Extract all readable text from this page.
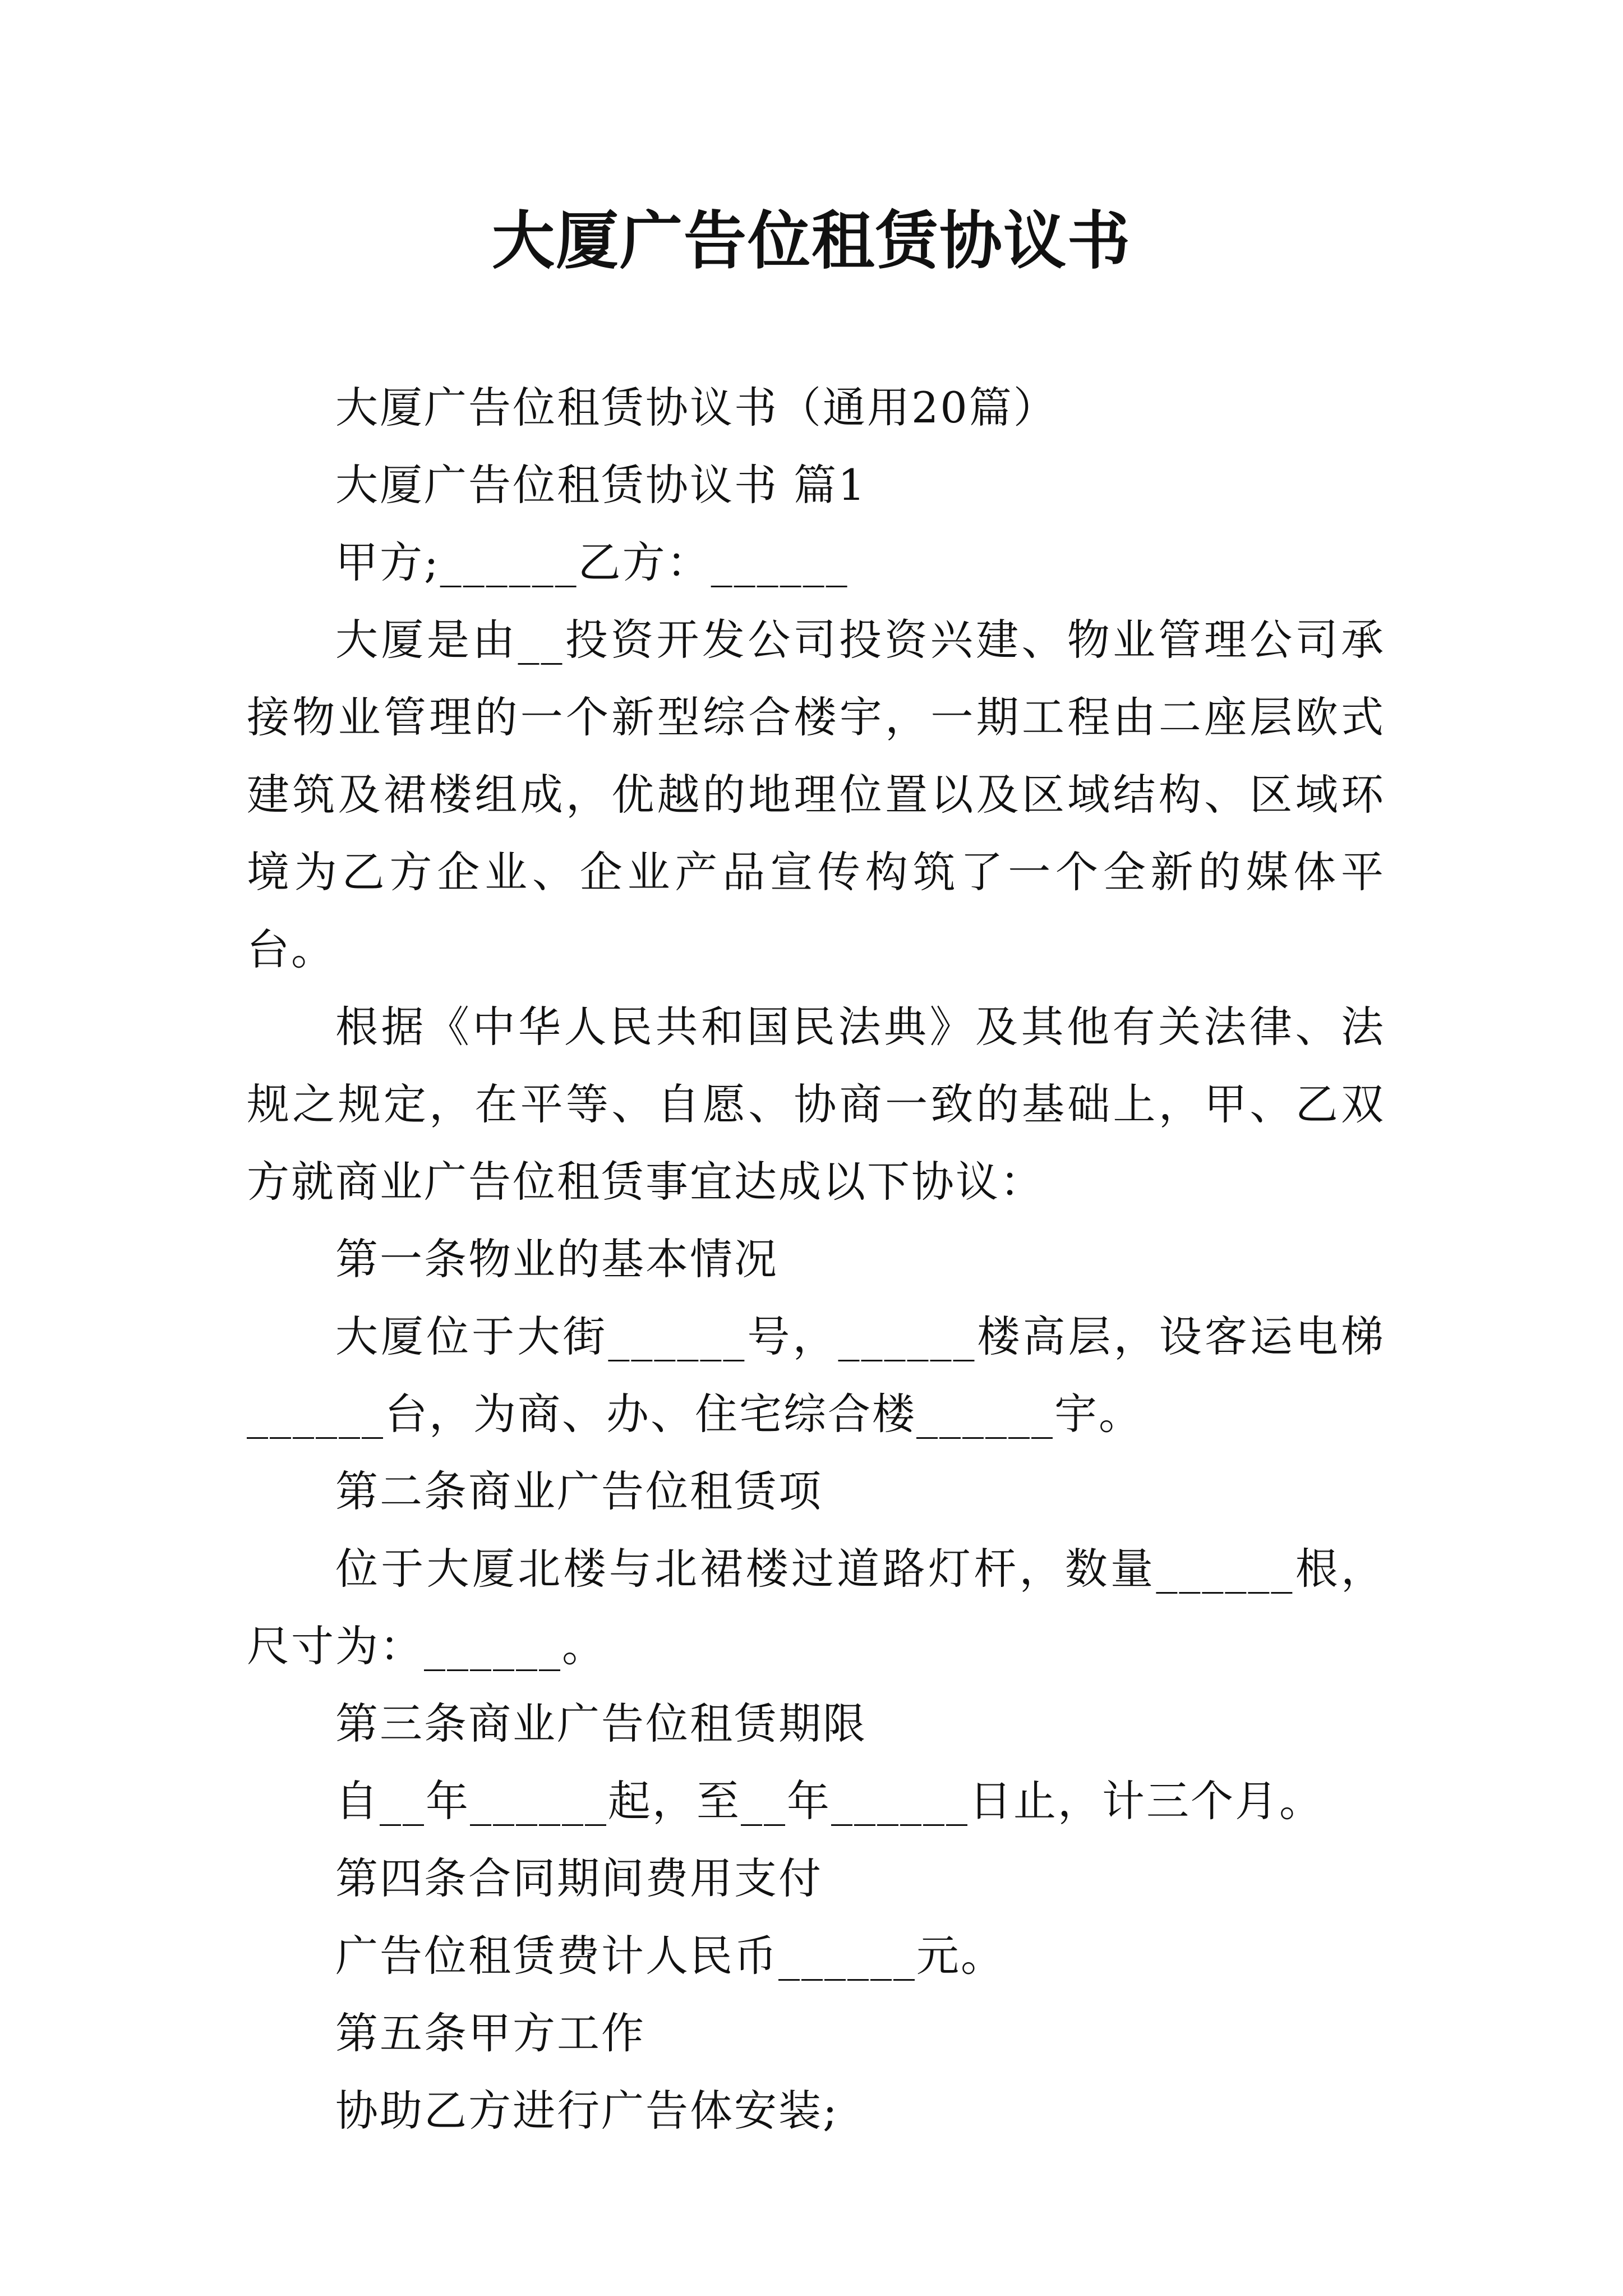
大厦广告位租赁协议书

大厦广告位租赁协议书（通用20篇）

大厦广告位租赁协议书 篇1

甲方;______乙方：______

大厦是由__投资开发公司投资兴建、物业管理公司承接物业管理的一个新型综合楼宇，一期工程由二座层欧式建筑及裙楼组成，优越的地理位置以及区域结构、区域环境为乙方企业、企业产品宣传构筑了一个全新的媒体平台。

根据《中华人民共和国民法典》及其他有关法律、法规之规定，在平等、自愿、协商一致的基础上，甲、乙双方就商业广告位租赁事宜达成以下协议：

第一条物业的基本情况

大厦位于大街______号，______楼高层，设客运电梯______台，为商、办、住宅综合楼______宇。

第二条商业广告位租赁项

位于大厦北楼与北裙楼过道路灯杆，数量______根，尺寸为：______。

第三条商业广告位租赁期限

自__年______起，至__年______日止，计三个月。

第四条合同期间费用支付

广告位租赁费计人民币______元。

第五条甲方工作

协助乙方进行广告体安装;
